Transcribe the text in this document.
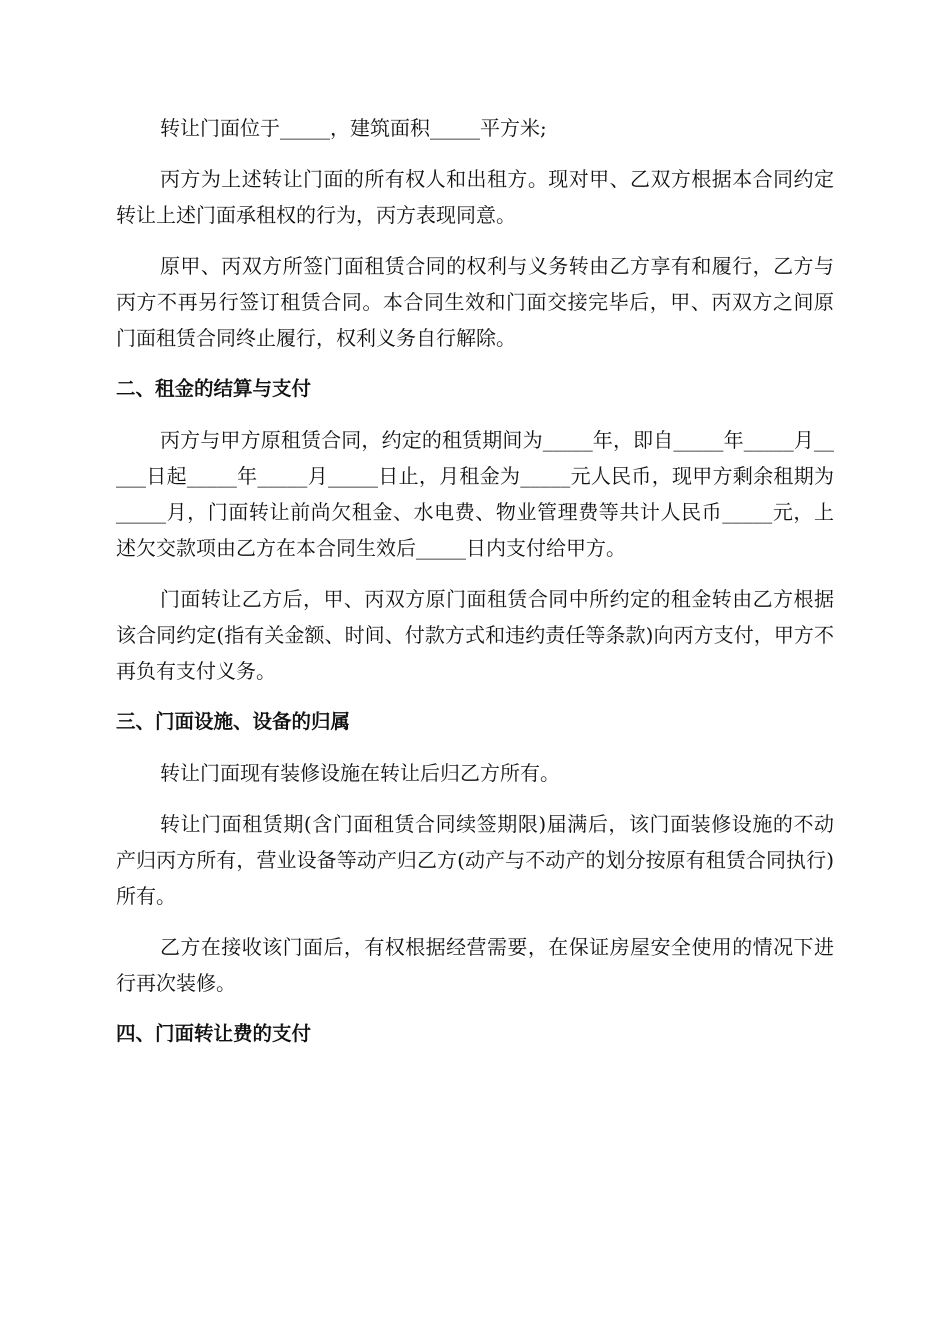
转让门面位于_____，建筑面积_____平方米;

丙方为上述转让门面的所有权人和出租方。现对甲、乙双方根据本合同约定转让上述门面承租权的行为，丙方表现同意。

原甲、丙双方所签门面租赁合同的权利与义务转由乙方享有和履行，乙方与丙方不再另行签订租赁合同。本合同生效和门面交接完毕后，甲、丙双方之间原门面租赁合同终止履行，权利义务自行解除。

二、租金的结算与支付

丙方与甲方原租赁合同，约定的租赁期间为_____年，即自_____年_____月_____日起_____年_____月_____日止，月租金为_____元人民币，现甲方剩余租期为_____月，门面转让前尚欠租金、水电费、物业管理费等共计人民币_____元，上述欠交款项由乙方在本合同生效后_____日内支付给甲方。

门面转让乙方后，甲、丙双方原门面租赁合同中所约定的租金转由乙方根据该合同约定(指有关金额、时间、付款方式和违约责任等条款)向丙方支付，甲方不再负有支付义务。

三、门面设施、设备的归属

转让门面现有装修设施在转让后归乙方所有。

转让门面租赁期(含门面租赁合同续签期限)届满后，该门面装修设施的不动产归丙方所有，营业设备等动产归乙方(动产与不动产的划分按原有租赁合同执行)所有。

乙方在接收该门面后，有权根据经营需要，在保证房屋安全使用的情况下进行再次装修。

四、门面转让费的支付
